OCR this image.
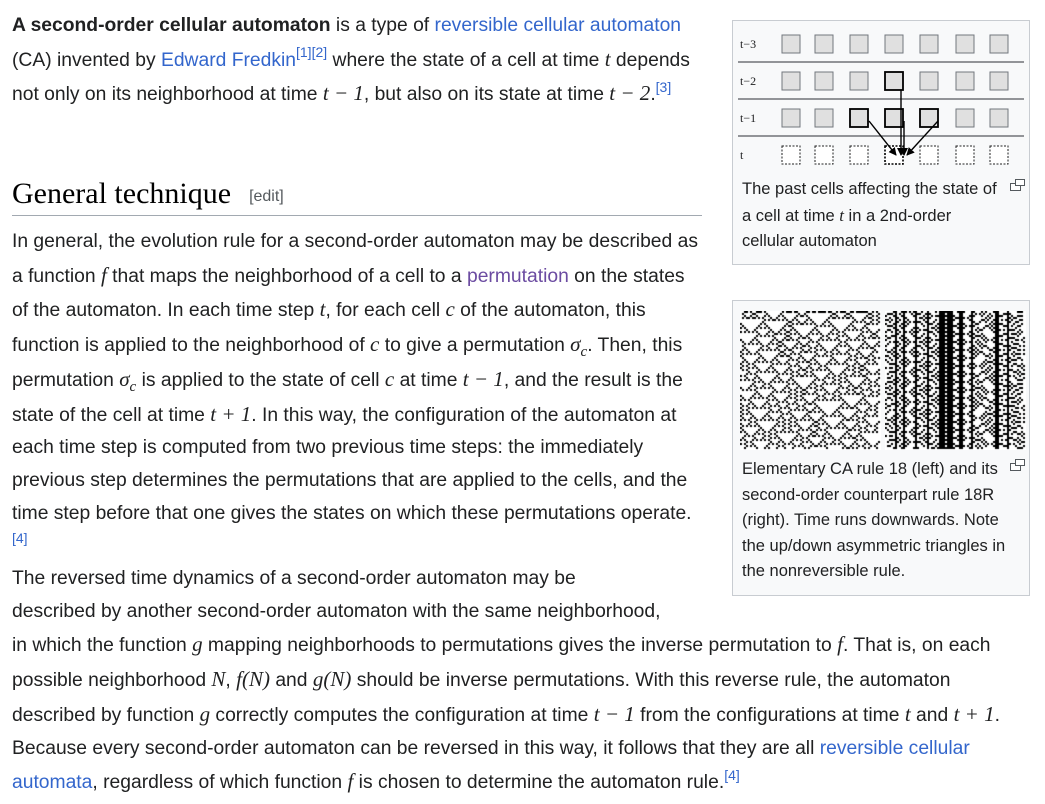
A second-order cellular automaton is a type of reversible cellular automaton (CA) invented by Edward Fredkin[1][2] where the state of a cell at time t depends not only on its neighborhood at time t − 1, but also on its state at time t − 2.[3]

General technique [edit]

In general, the evolution rule for a second-order automaton may be described as a function f that maps the neighborhood of a cell to a permutation on the states of the automaton. In each time step t, for each cell c of the automaton, this function is applied to the neighborhood of c to give a permutation $\sigma_c$. Then, this permutation $\sigma_c$ is applied to the state of cell c at time t − 1, and the result is the state of the cell at time t + 1. In this way, the configuration of the automaton at each time step is computed from two previous time steps: the immediately previous step determines the permutations that are applied to the cells, and the time step before that one gives the states on which these permutations operate.[4]

The reversed time dynamics of a second-order automaton may be
described by another second-order automaton with the same neighborhood,
in which the function g mapping neighborhoods to permutations gives the inverse permutation to f. That is, on each possible neighborhood N, f(N) and g(N) should be inverse permutations. With this reverse rule, the automaton described by function g correctly computes the configuration at time t − 1 from the configurations at time t and t + 1. Because every second-order automaton can be reversed in this way, it follows that they are all reversible cellular automata, regardless of which function f is chosen to determine the automaton rule.[4]

t−3
t−2
t−1
t
The past cells affecting the state of a cell at time t in a 2nd-order cellular automaton
Elementary CA rule 18 (left) and its second-order counterpart rule 18R (right). Time runs downwards. Note the up/down asymmetric triangles in the nonreversible rule.
